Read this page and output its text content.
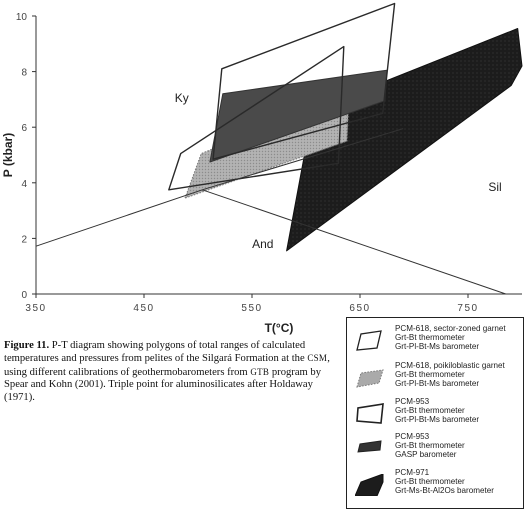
350	450	550	650	750
0
2
4
6
8
10
T(°C)
P (kbar)
Ky
Sil
And
Figure 11. P-T diagram showing polygons of total ranges of calculated temperatures and pressures from pelites of the Silgará Formation at the CSM, using different calibrations of geothermobarometers from GTB program by Spear and Kohn (2001). Triple point for aluminosilicates after Holdaway (1971).
PCM-618, sector-zoned garnet
Grt-Bt thermometer
Grt-Pl-Bt-Ms barometer
PCM-618, poikiloblastic garnet
Grt-Bt thermometer
Grt-Pl-Bt-Ms barometer
PCM-953
Grt-Bt thermometer
Grt-Pl-Bt-Ms barometer
PCM-953
Grt-Bt thermometer
GASP barometer
PCM-971
Grt-Bt thermometer
Grt-Ms-Bt-Al2Os barometer
